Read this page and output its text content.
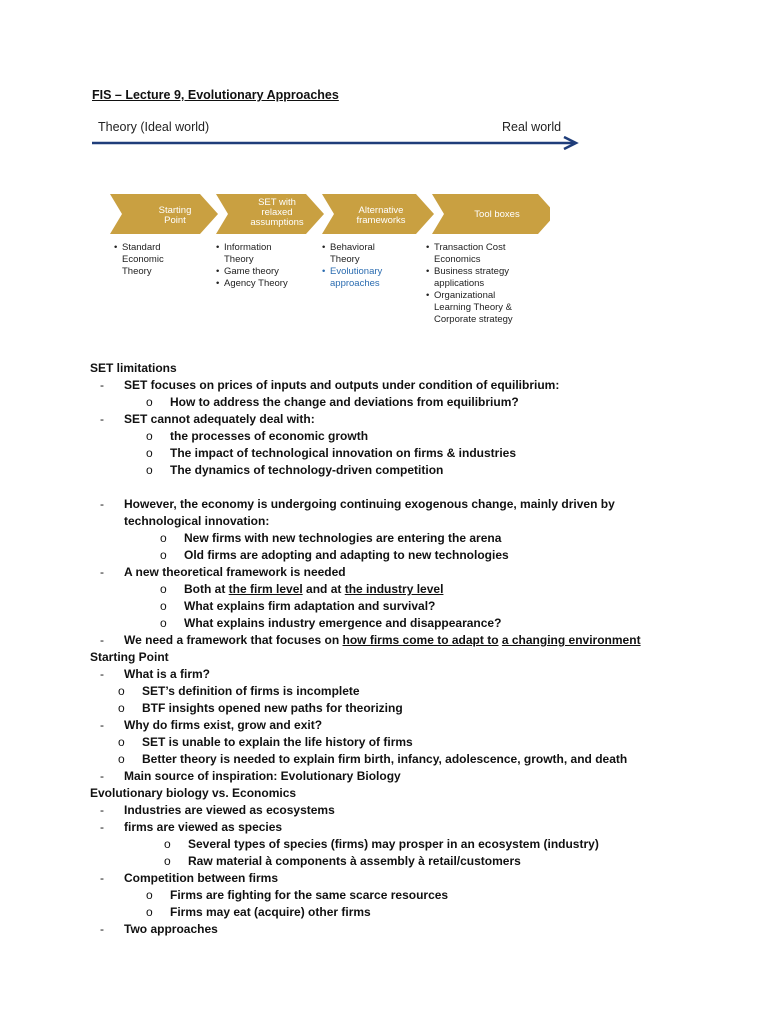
FIS – Lecture 9, Evolutionary Approaches
Theory (Ideal world)	Real world
Starting
Point
SET with
relaxed
assumptions
Alternative
frameworks
Tool boxes
• Standard
Economic
Theory
• Information
Theory
• Game theory
• Agency Theory
• Behavioral
Theory
• Evolutionary
approaches
• Transaction Cost
Economics
• Business strategy
applications
• Organizational
Learning Theory &
Corporate strategy
SET limitations
-	SET focuses on prices of inputs and outputs under condition of equilibrium:
o How to address the change and deviations from equilibrium?
-	SET cannot adequately deal with:
o the processes of economic growth
o The impact of technological innovation on firms & industries
o The dynamics of technology-driven competition
-	However, the economy is undergoing continuing exogenous change, mainly driven by
technological innovation:
o New firms with new technologies are entering the arena
o Old firms are adopting and adapting to new technologies
-	A new theoretical framework is needed
o Both at the firm level and at the industry level
o What explains firm adaptation and survival?
o What explains industry emergence and disappearance?
-	We need a framework that focuses on how firms come to adapt to a changing environment
Starting Point
-	What is a firm?
o SET’s definition of firms is incomplete
o BTF insights opened new paths for theorizing
-	Why do firms exist, grow and exit?
o SET is unable to explain the life history of firms
o Better theory is needed to explain firm birth, infancy, adolescence, growth, and death
-	Main source of inspiration: Evolutionary Biology
Evolutionary biology vs. Economics
-	Industries are viewed as ecosystems
-	firms are viewed as species
o Several types of species (firms) may prosper in an ecosystem (industry)
o Raw material à components à assembly à retail/customers
-	Competition between firms
o Firms are fighting for the same scarce resources
o Firms may eat (acquire) other firms
-	Two approaches
